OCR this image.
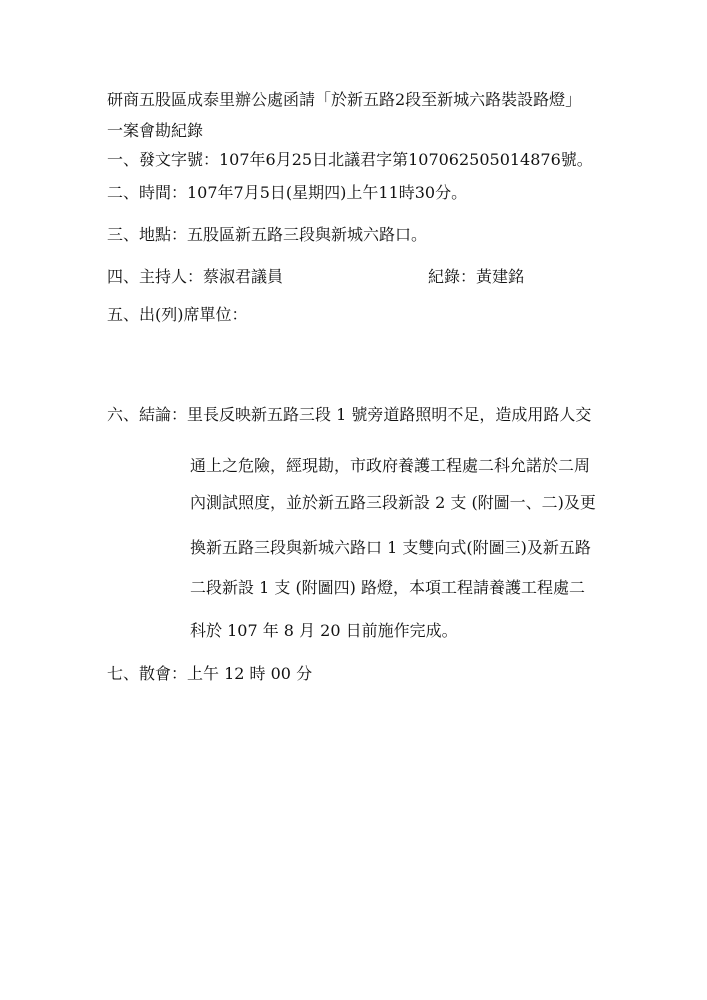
研商五股區成泰里辦公處函請「於新五路2段至新城六路裝設路燈」
一案會勘紀錄
一、發文字號：107年6月25日北議君字第107062505014876號。
二、時間：107年7月5日(星期四)上午11時30分。
三、地點：五股區新五路三段與新城六路口。
四、主持人：蔡淑君議員	紀錄：黃建銘
五、出(列)席單位：
六、結論：里長反映新五路三段 1 號旁道路照明不足，造成用路人交
通上之危險，經現勘，市政府養護工程處二科允諾於二周
內測試照度，並於新五路三段新設 2 支 (附圖一、二)及更
換新五路三段與新城六路口 1 支雙向式(附圖三)及新五路
二段新設 1 支 (附圖四) 路燈，本項工程請養護工程處二
科於 107 年 8 月 20 日前施作完成。
七、散會：上午 12 時 00 分
